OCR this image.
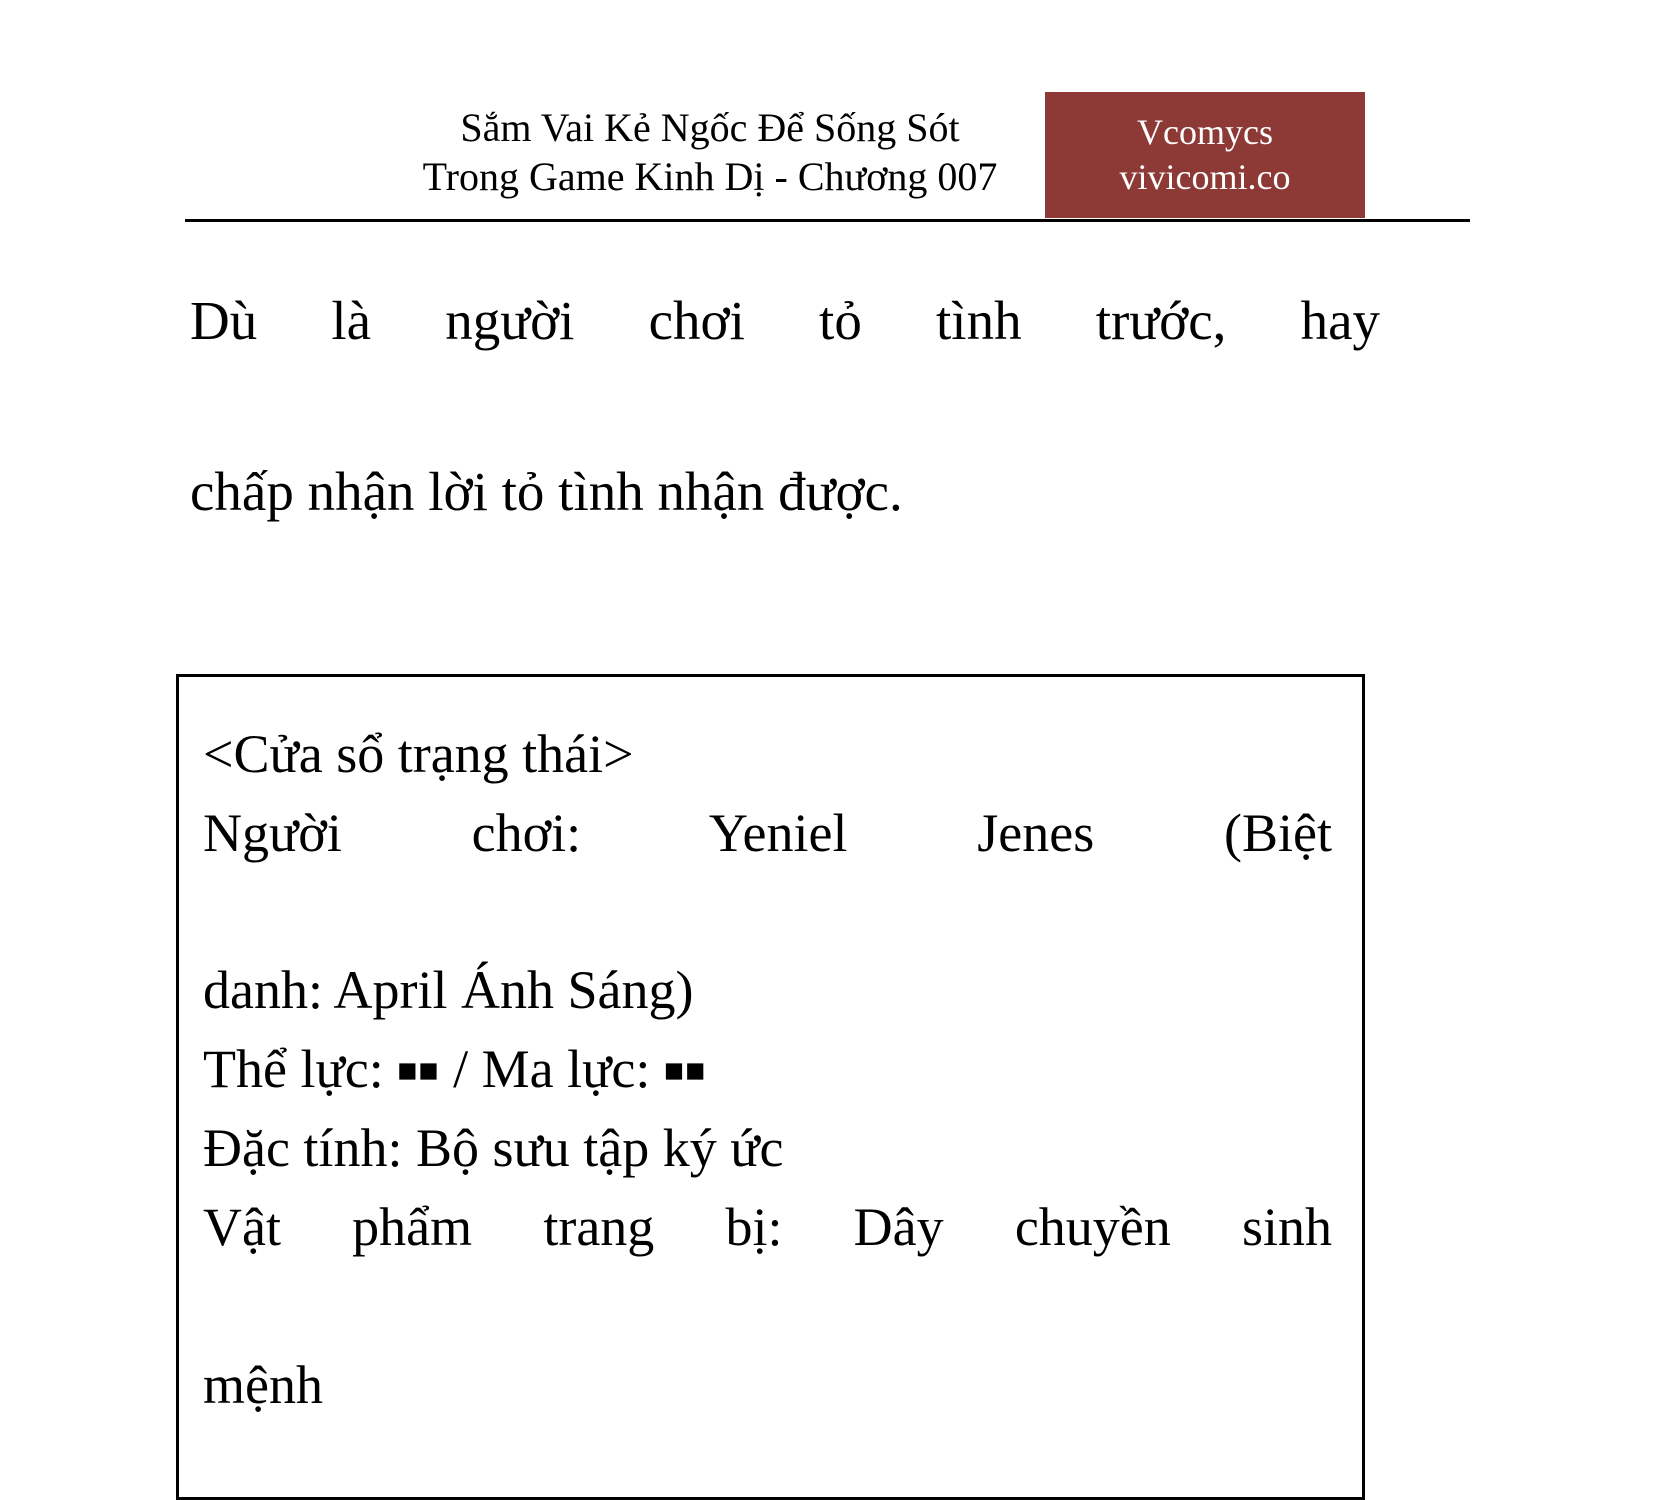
Sắm Vai Kẻ Ngốc Để Sống Sót
Trong Game Kinh Dị - Chương 007
Vcomycs
vivicomi.co
Dù là người chơi tỏ tình trước, hay
chấp nhận lời tỏ tình nhận được.
<Cửa sổ trạng thái>
Người chơi: Yeniel Jenes (Biệt
danh: April Ánh Sáng)
Thể lực: ■■ / Ma lực: ■■
Đặc tính: Bộ sưu tập ký ức
Vật phẩm trang bị: Dây chuyền sinh
mệnh
